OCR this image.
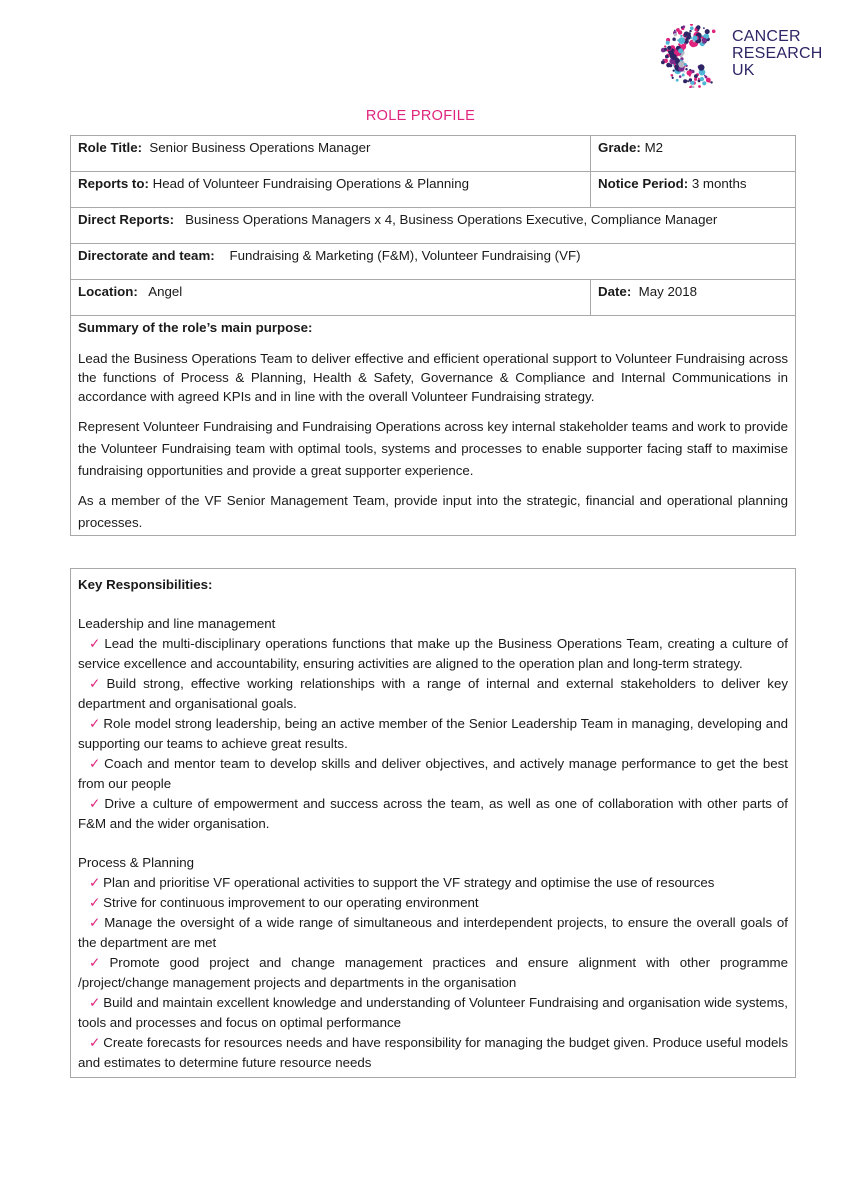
CANCER
RESEARCH
UK
ROLE PROFILE
Role Title: Senior Business Operations Manager	Grade: M2
Reports to: Head of Volunteer Fundraising Operations & Planning	Notice Period: 3 months
Direct Reports: Business Operations Managers x 4, Business Operations Executive, Compliance Manager	
Directorate and team: Fundraising & Marketing (F&M), Volunteer Fundraising (VF)	
Location: Angel	Date: May 2018

Summary of the role’s main purpose:

Lead the Business Operations Team to deliver effective and efficient operational support to Volunteer Fundraising across the functions of Process & Planning, Health & Safety, Governance & Compliance and Internal Communications in accordance with agreed KPIs and in line with the overall Volunteer Fundraising strategy.

Represent Volunteer Fundraising and Fundraising Operations across key internal stakeholder teams and work to provide the Volunteer Fundraising team with optimal tools, systems and processes to enable supporter facing staff to maximise fundraising opportunities and provide a great supporter experience.

As a member of the VF Senior Management Team, provide input into the strategic, financial and operational planning processes.	

Key Responsibilities:
Leadership and line management
✓ Lead the multi-disciplinary operations functions that make up the Business Operations Team, creating a culture of service excellence and accountability, ensuring activities are aligned to the operation plan and long-term strategy.
✓ Build strong, effective working relationships with a range of internal and external stakeholders to deliver key department and organisational goals.
✓ Role model strong leadership, being an active member of the Senior Leadership Team in managing, developing and supporting our teams to achieve great results.
✓ Coach and mentor team to develop skills and deliver objectives, and actively manage performance to get the best from our people
✓ Drive a culture of empowerment and success across the team, as well as one of collaboration with other parts of F&M and the wider organisation.
Process & Planning
✓ Plan and prioritise VF operational activities to support the VF strategy and optimise the use of resources
✓ Strive for continuous improvement to our operating environment
✓ Manage the oversight of a wide range of simultaneous and interdependent projects, to ensure the overall goals of the department are met
✓ Promote good project and change management practices and ensure alignment with other programme /project/change management projects and departments in the organisation
✓ Build and maintain excellent knowledge and understanding of Volunteer Fundraising and organisation wide systems, tools and processes and focus on optimal performance
✓ Create forecasts for resources needs and have responsibility for managing the budget given. Produce useful models and estimates to determine future resource needs
